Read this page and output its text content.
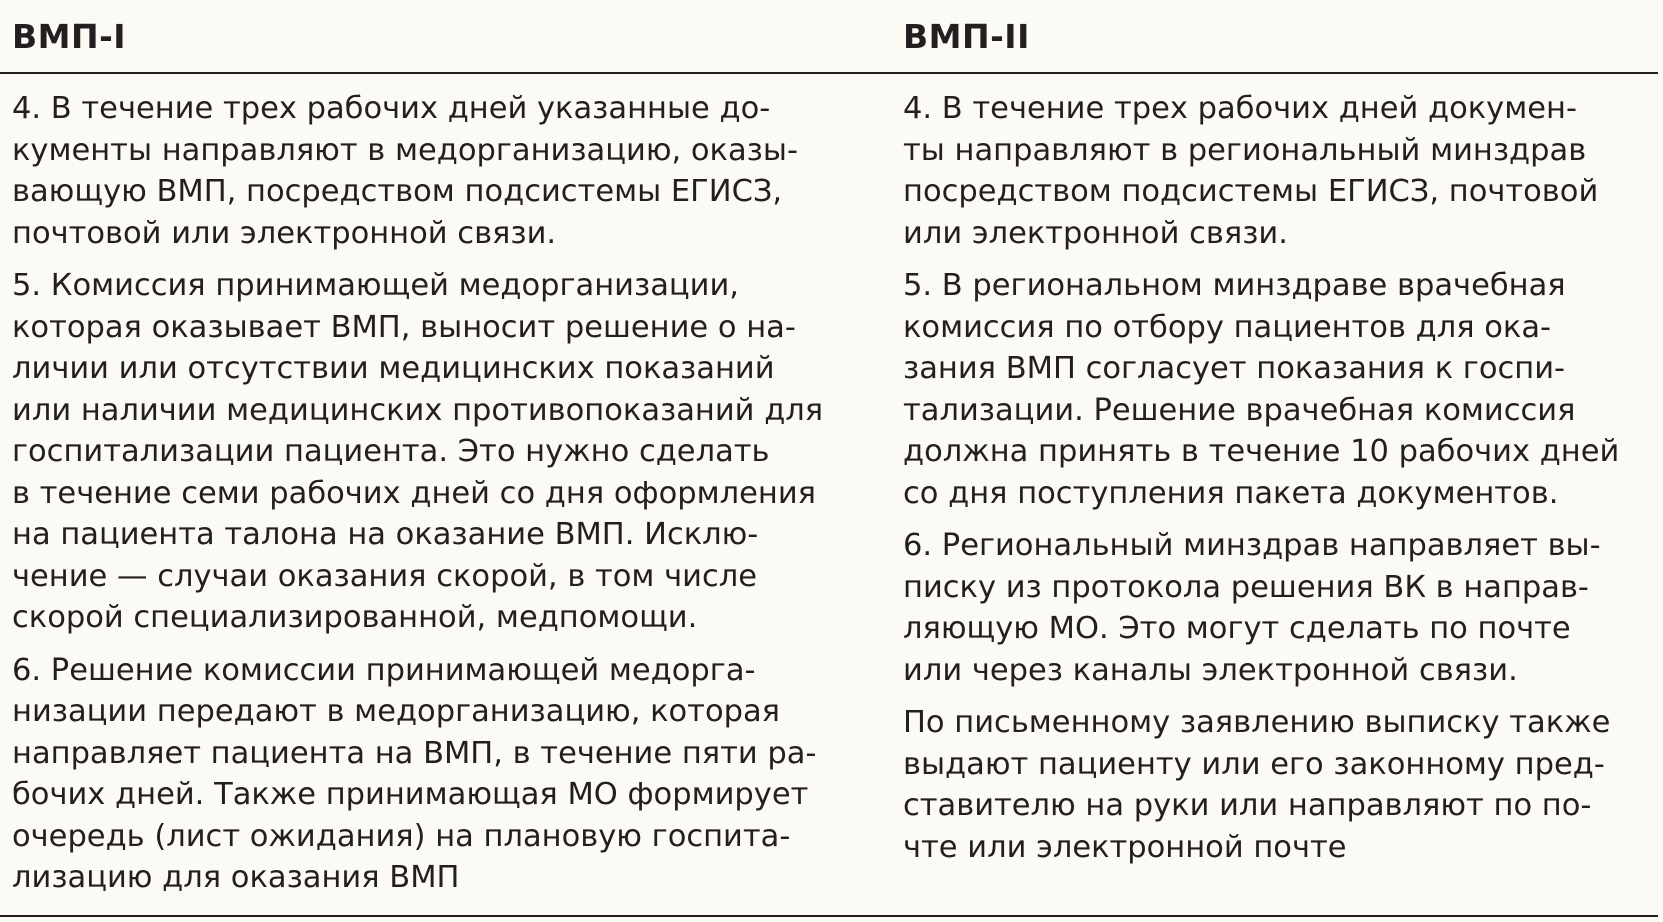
ВМП-I

4. В течение трех рабочих дней указанные до-
кументы направляют в медорганизацию, оказы-
вающую ВМП, посредством подсистемы ЕГИСЗ,
почтовой или электронной связи.

5. Комиссия принимающей медорганизации,
которая оказывает ВМП, выносит решение о на-
личии или отсутствии медицинских показаний
или наличии медицинских противопоказаний для
госпитализации пациента. Это нужно сделать
в течение семи рабочих дней со дня оформления
на пациента талона на оказание ВМП. Исклю-
чение — случаи оказания скорой, в том числе
скорой специализированной, медпомощи.

6. Решение комиссии принимающей медорга-
низации передают в медорганизацию, которая
направляет пациента на ВМП, в течение пяти ра-
бочих дней. Также принимающая МО формирует
очередь (лист ожидания) на плановую госпита-
лизацию для оказания ВМП

ВМП-II

4. В течение трех рабочих дней докумен-
ты направляют в региональный минздрав
посредством подсистемы ЕГИСЗ, почтовой
или электронной связи.

5. В региональном минздраве врачебная
комиссия по отбору пациентов для ока-
зания ВМП согласует показания к госпи-
тализации. Решение врачебная комиссия
должна принять в течение 10 рабочих дней
со дня поступления пакета документов.

6. Региональный минздрав направляет вы-
писку из протокола решения ВК в направ-
ляющую МО. Это могут сделать по почте
или через каналы электронной связи.

По письменному заявлению выписку также
выдают пациенту или его законному пред-
ставителю на руки или направляют по по-
чте или электронной почте
